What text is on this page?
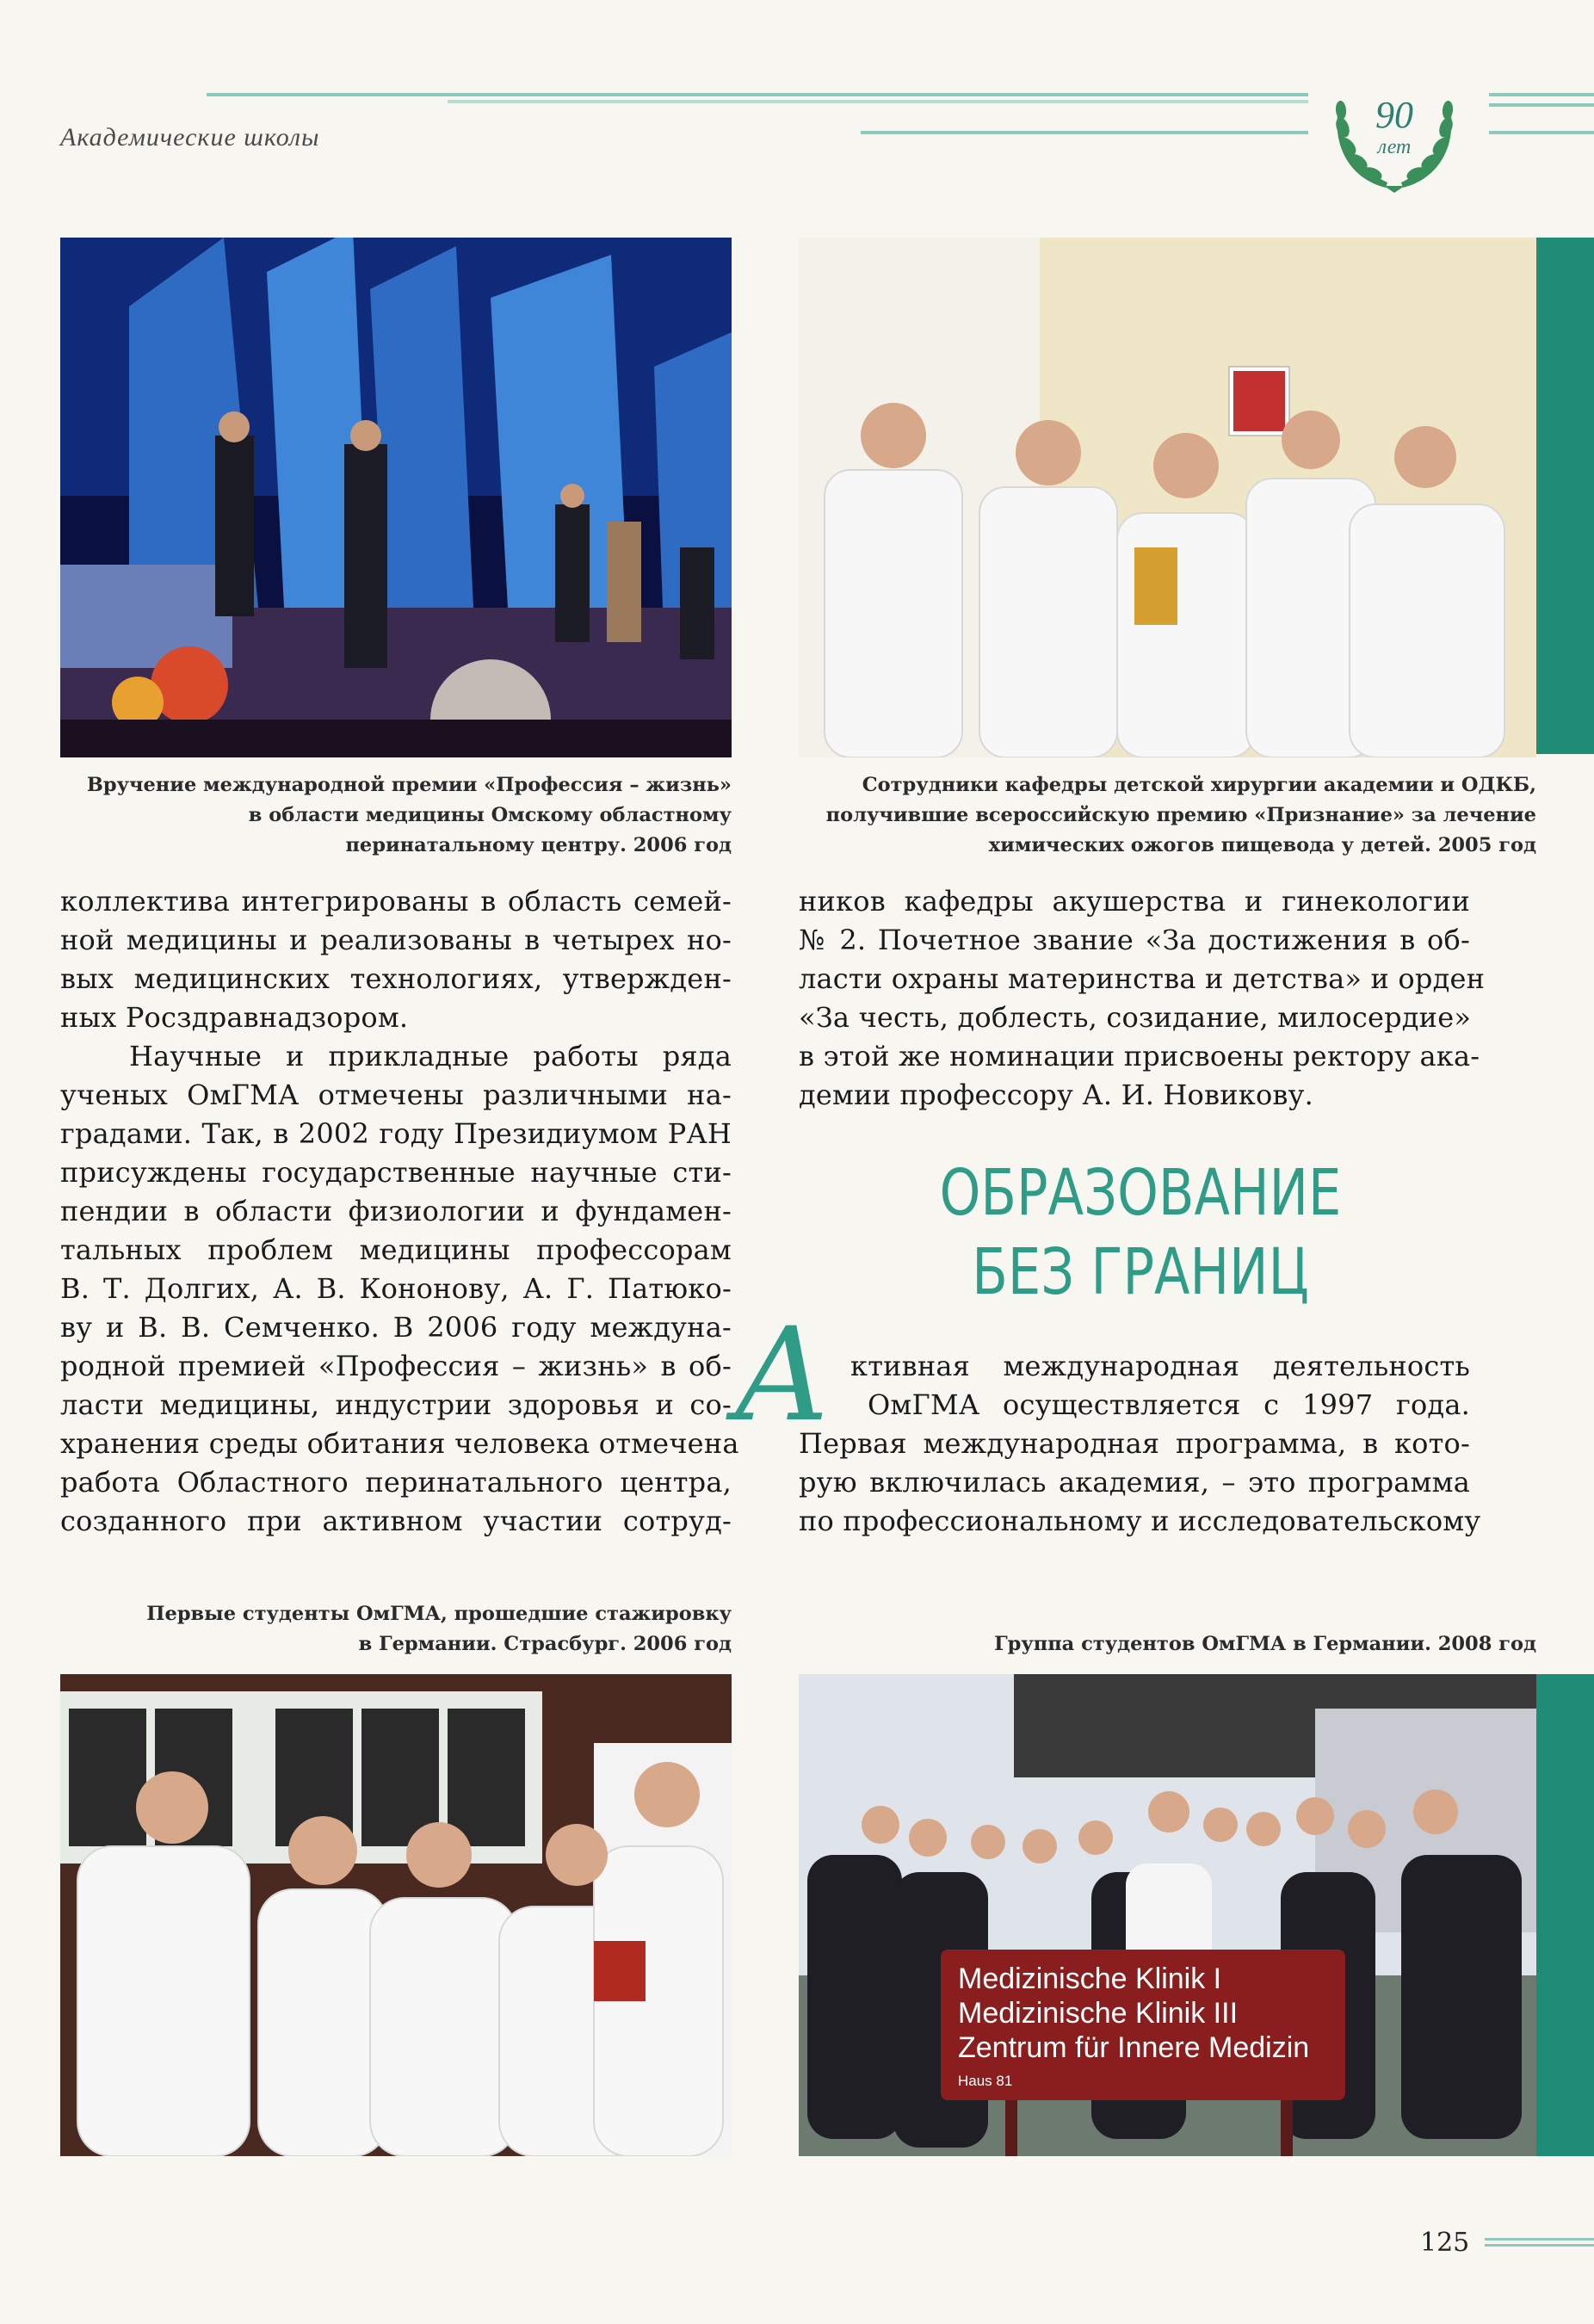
Академические школы
90
лет
Вручение международной премии «Профессия – жизнь»
в области медицины Омскому областному
перинатальному центру. 2006 год
Сотрудники кафедры детской хирургии академии и ОДКБ,
получившие всероссийскую премию «Признание» за лечение
химических ожогов пищевода у детей. 2005 год
коллектива интегрированы в область семей-
ной медицины и реализованы в четырех но-
вых медицинских технологиях, утвержден-
ных Росздравнадзором.
Научные и прикладные работы ряда
ученых ОмГМА отмечены различными на-
градами. Так, в 2002 году Президиумом РАН
присуждены государственные научные сти-
пендии в области физиологии и фундамен-
тальных проблем медицины профессорам
В. Т. Долгих, А. В. Кононову, А. Г. Патюко-
ву и В. В. Семченко. В 2006 году междуна-
родной премией «Профессия – жизнь» в об-
ласти медицины, индустрии здоровья и со-
хранения среды обитания человека отмечена
работа Областного перинатального центра,
созданного при активном участии сотруд-
ников кафедры акушерства и гинекологии
№ 2. Почетное звание «За достижения в об-
ласти охраны материнства и детства» и орден
«За честь, доблесть, созидание, милосердие»
в этой же номинации присвоены ректору ака-
демии профессору А. И. Новикову.
ОБРАЗОВАНИЕ
БЕЗ ГРАНИЦ
А ктивная международная деятельность
ОмГМА осуществляется с 1997 года.
Первая международная программа, в кото-
рую включилась академия, – это программа
по профессиональному и исследовательскому
Первые студенты ОмГМА, прошедшие стажировку
в Германии. Страсбург. 2006 год	Группа студентов ОмГМА в Германии. 2008 год
Medizinische Klinik I
Medizinische Klinik III
Zentrum für Innere Medizin
Haus 81
125
